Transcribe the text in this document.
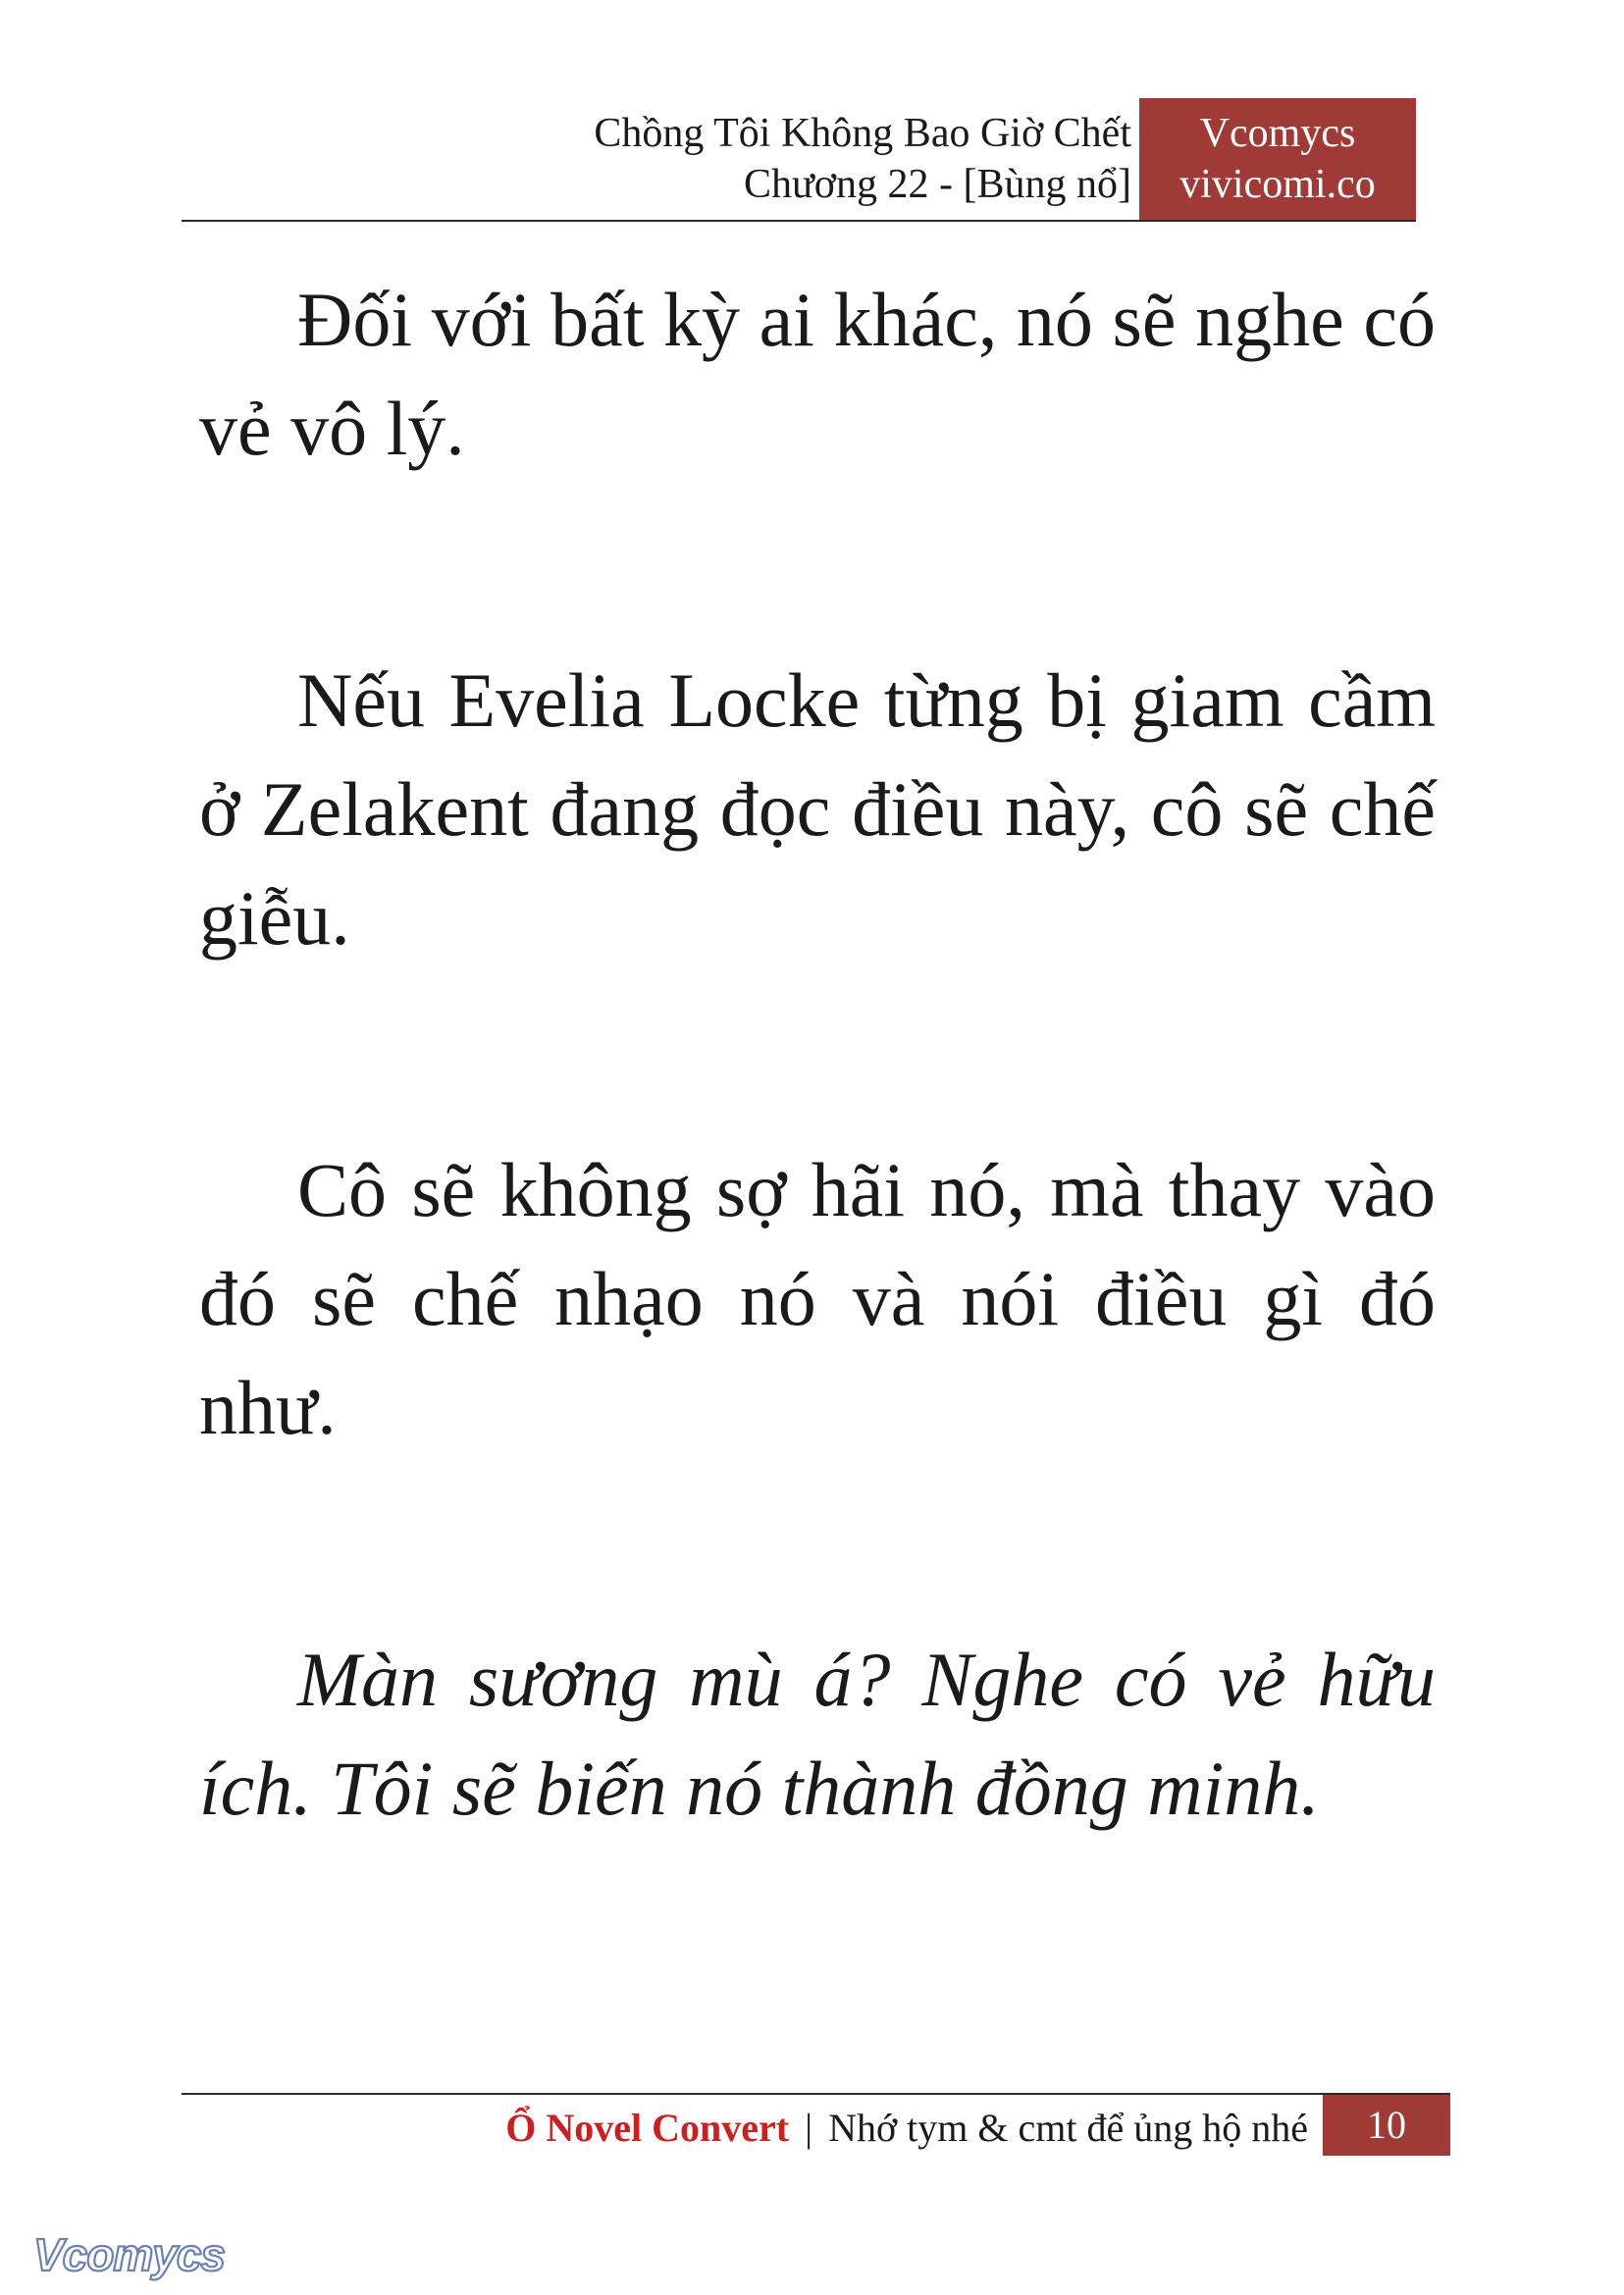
Chồng Tôi Không Bao Giờ Chết
Chương 22 - [Bùng nổ]
Vcomycs
vivicomi.co

Đối với bất kỳ ai khác, nó sẽ nghe có vẻ vô lý.

Nếu Evelia Locke từng bị giam cầm ở Zelakent đang đọc điều này, cô sẽ chế giễu.

Cô sẽ không sợ hãi nó, mà thay vào đó sẽ chế nhạo nó và nói điều gì đó như.

Màn sương mù á? Nghe có vẻ hữu ích. Tôi sẽ biến nó thành đồng minh.

Ổ Novel Convert | Nhớ tym & cmt để ủng hộ nhé	10
Vcomycs
